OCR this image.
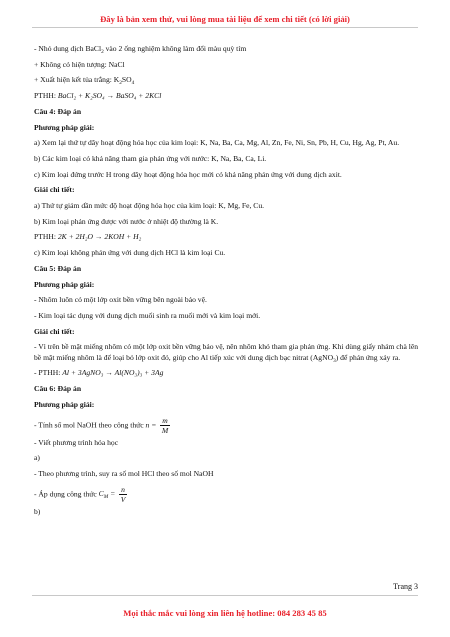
Đây là bản xem thử, vui lòng mua tài liệu để xem chi tiết (có lời giải)

- Nhỏ dung dịch BaCl$_2$ vào 2 ống nghiệm không làm đổi màu quỳ tím

+ Không có hiện tượng: NaCl

+ Xuất hiện kết tủa trắng: $K_2SO_4$

PTHH: BaCl₂ + K₂SO₄ → BaSO₄ + 2KCl

Câu 4: Đáp án

Phương pháp giải:

a) Xem lại thứ tự dãy hoạt động hóa học của kim loại: K, Na, Ba, Ca, Mg, Al, Zn, Fe, Ni, Sn, Pb, H, Cu, Hg, Ag, Pt, Au.

b) Các kim loại có khả năng tham gia phản ứng với nước: K, Na, Ba, Ca, Li.

c) Kim loại đứng trước H trong dãy hoạt động hóa học mới có khả năng phản ứng với dung dịch axit.

Giải chi tiết:

a) Thứ tự giảm dần mức độ hoạt động hóa học của kim loại: K, Mg, Fe, Cu.

b) Kim loại phản ứng được với nước ở nhiệt độ thường là K.

PTHH: 2K + 2H₂O → 2KOH + H₂

c) Kim loại không phản ứng với dung dịch HCl là kim loại Cu.

Câu 5: Đáp án

Phương pháp giải:

- Nhôm luôn có một lớp oxit bền vững bên ngoài bảo vệ.

- Kim loại tác dụng với dung dịch muối sinh ra muối mới và kim loại mới.

Giải chi tiết:

- Vì trên bề mặt miếng nhôm có một lớp oxit bền vững bảo vệ, nên nhôm khó tham gia phản ứng. Khi dùng giấy nhám chà lên bề mặt miếng nhôm là để loại bỏ lớp oxit đó, giúp cho Al tiếp xúc với dung dịch bạc nitrat (AgNO$_3$) để phản ứng xảy ra.

- PTHH: Al + 3AgNO₃ → Al(NO₃)₃ + 3Ag

Câu 6: Đáp án

Phương pháp giải:

- Tính số mol NaOH theo công thức $n = \frac{m}{M}$

- Viết phương trình hóa học

a)

- Theo phương trình, suy ra số mol HCl theo số mol NaOH

- Áp dụng công thức $C_M = \frac{n}{V}$

b)

Trang 3
Mọi thắc mắc vui lòng xin liên hệ hotline: 084 283 45 85
